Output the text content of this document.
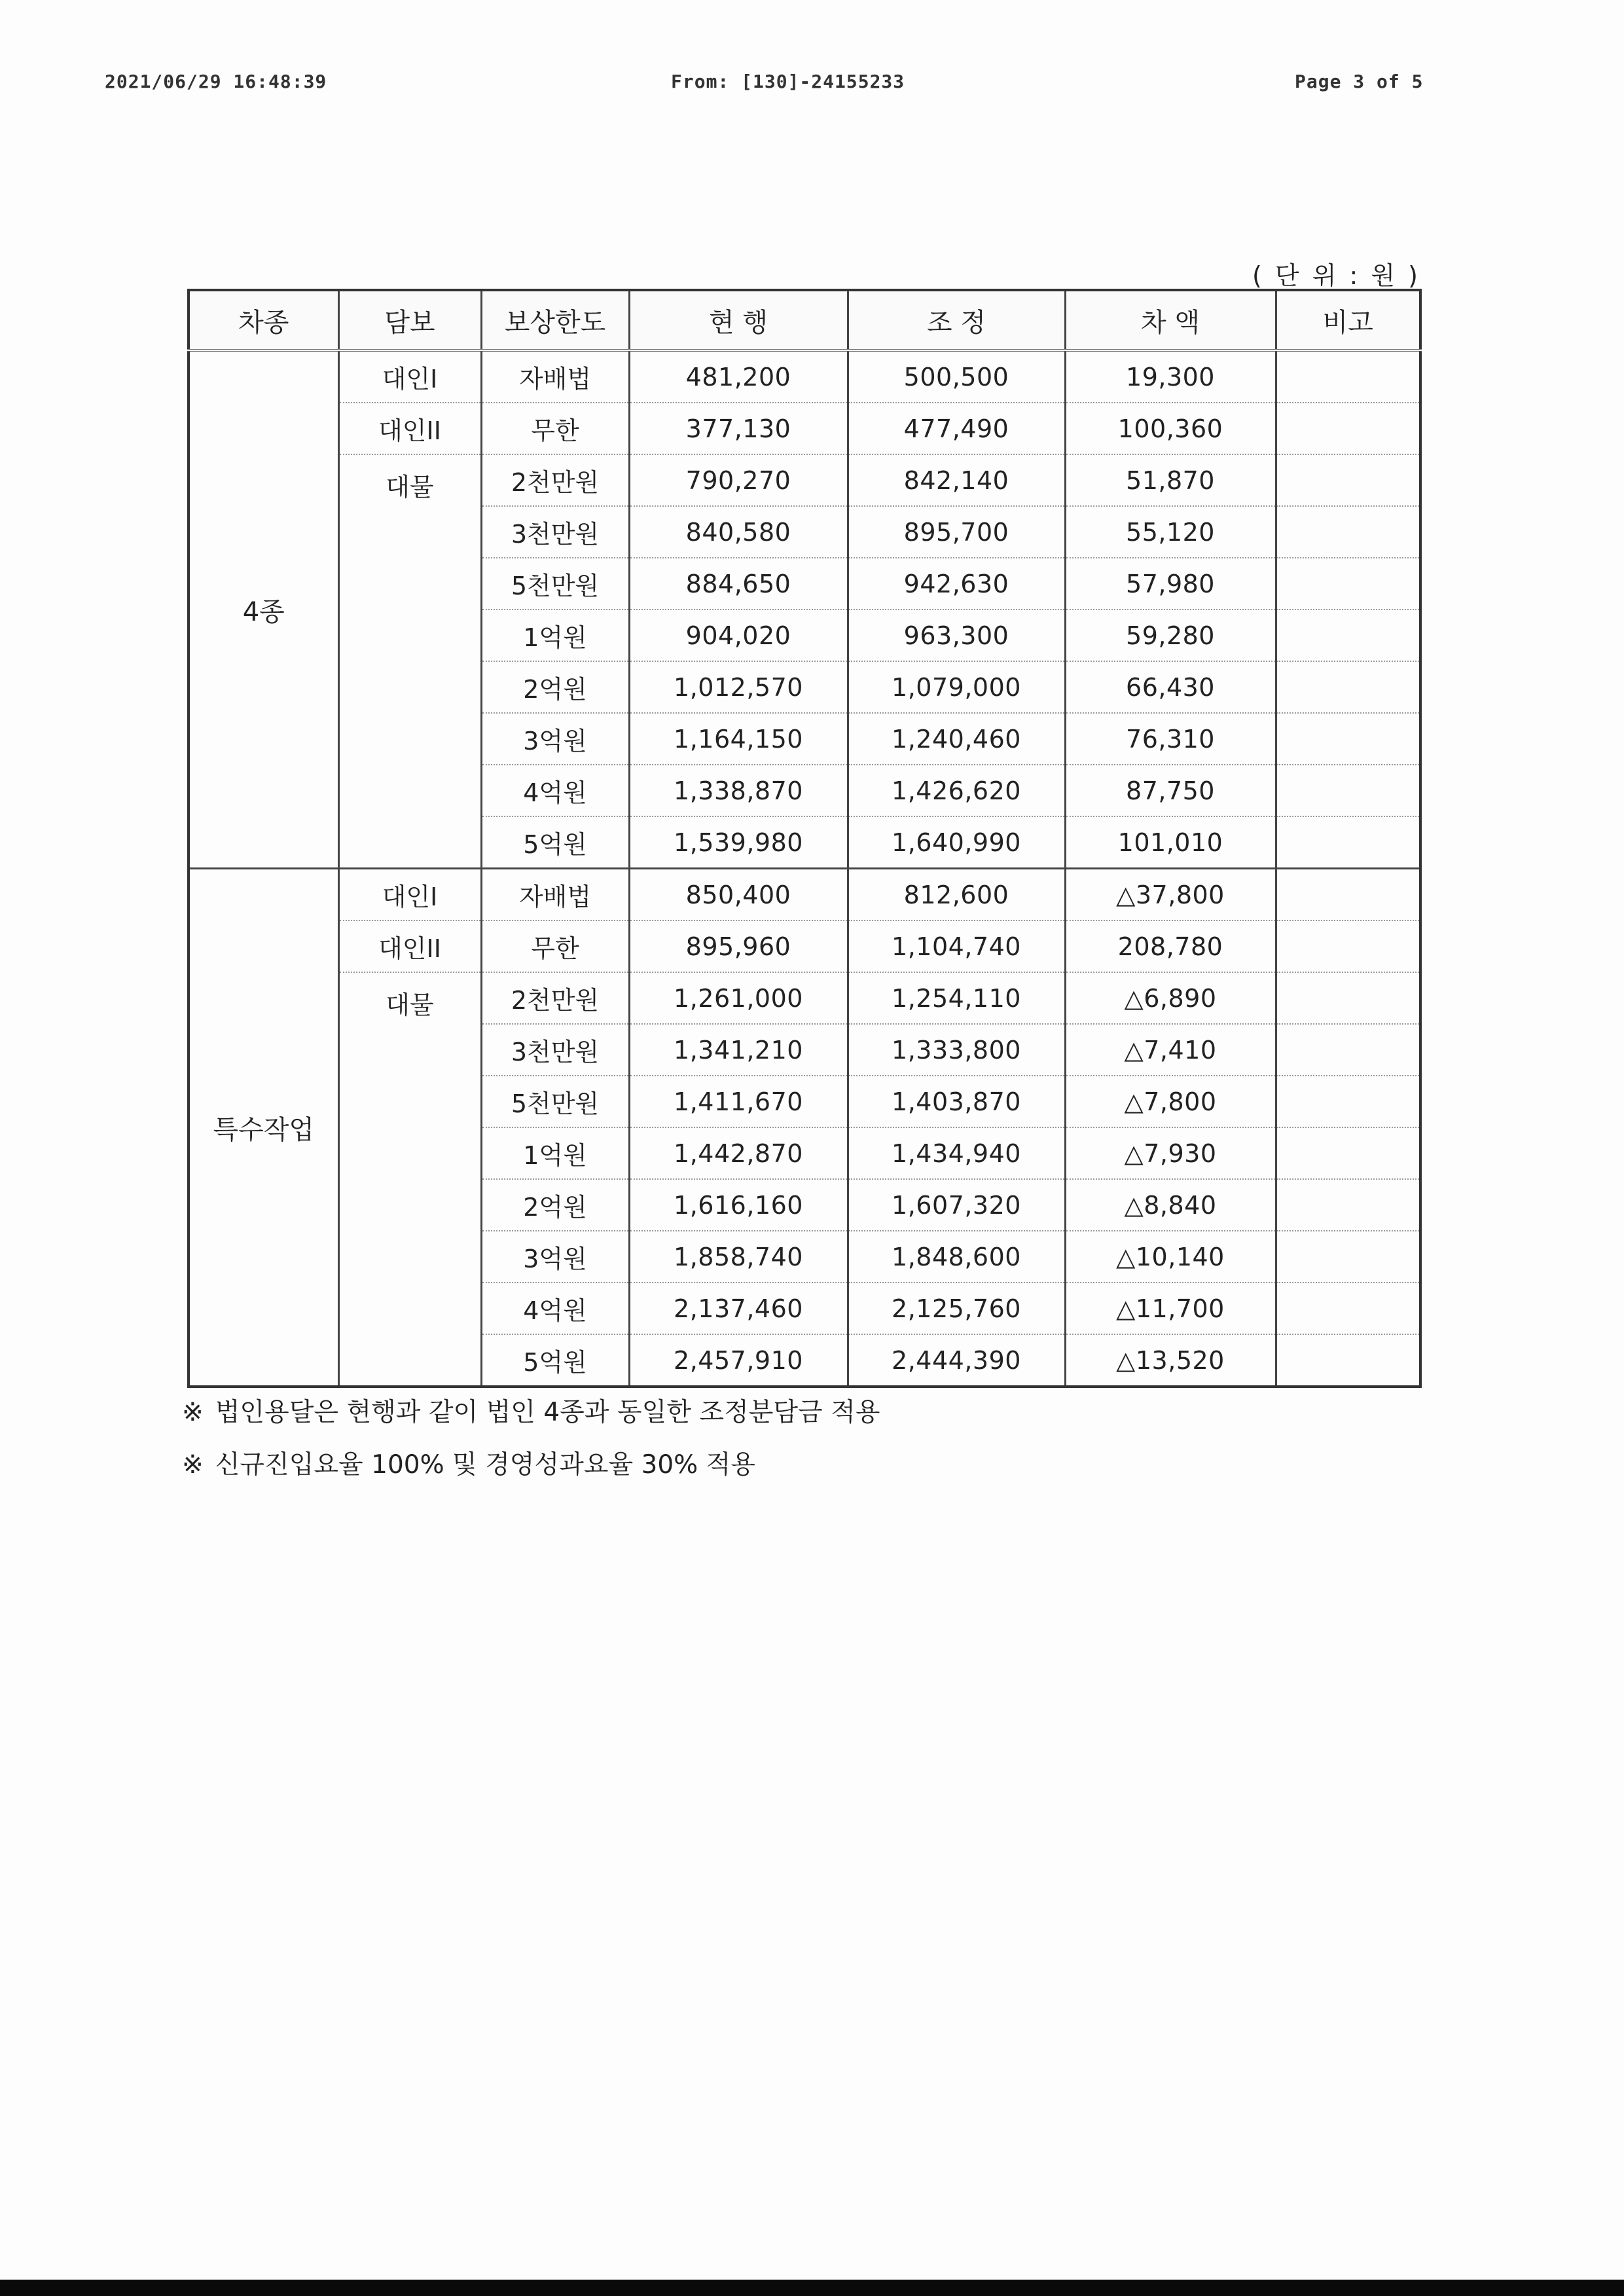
2021/06/29 16:48:39	From: [130]-24155233	Page 3 of 5
( 단 위 : 원 )
차종	담보	보상한도	현 행	조 정	차 액	비고
4종	대인I	자배법	481,200	500,500	19,300	
	대인II	무한	377,130	477,490	100,360	
	대물	2천만원	790,270	842,140	51,870	
		3천만원	840,580	895,700	55,120	
		5천만원	884,650	942,630	57,980	
		1억원	904,020	963,300	59,280	
		2억원	1,012,570	1,079,000	66,430	
		3억원	1,164,150	1,240,460	76,310	
		4억원	1,338,870	1,426,620	87,750	
		5억원	1,539,980	1,640,990	101,010	
특수작업	대인I	자배법	850,400	812,600	△37,800	
	대인II	무한	895,960	1,104,740	208,780	
	대물	2천만원	1,261,000	1,254,110	△6,890	
		3천만원	1,341,210	1,333,800	△7,410	
		5천만원	1,411,670	1,403,870	△7,800	
		1억원	1,442,870	1,434,940	△7,930	
		2억원	1,616,160	1,607,320	△8,840	
		3억원	1,858,740	1,848,600	△10,140	
		4억원	2,137,460	2,125,760	△11,700	
		5억원	2,457,910	2,444,390	△13,520	
※ 법인용달은 현행과 같이 법인 4종과 동일한 조정분담금 적용
※ 신규진입요율 100% 및 경영성과요율 30% 적용
